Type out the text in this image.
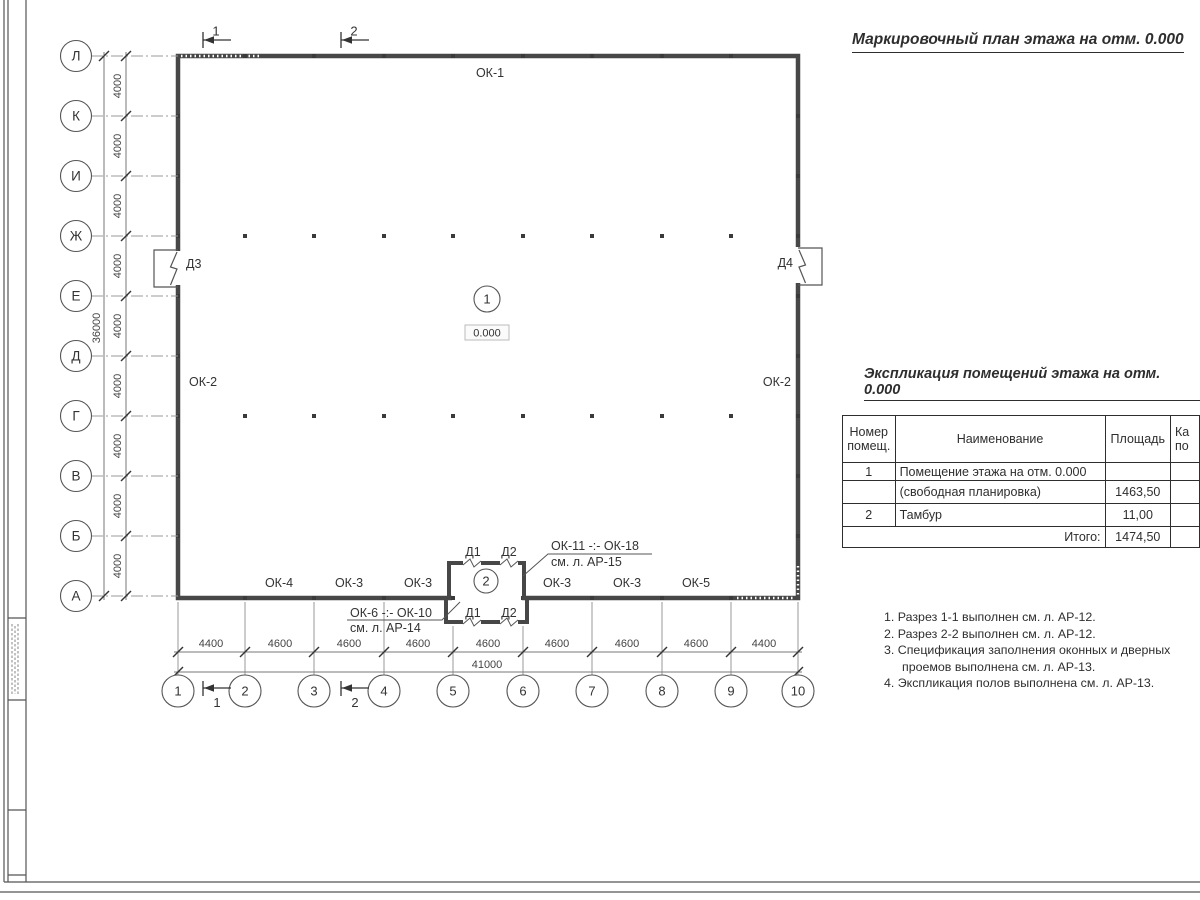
4000
4000
4000
4000
4000
4000
4000
4000
4000
36000
Л
К
И
Ж
Е
Д
Г
В
Б
А
4400	4600	4600	4600	4600	4600	4600	4600	4400
41000
1	2	3	4	5	6	7	8	9	10
1	2
1	2
Д3	Д4
Д1 Д2
Д1 Д2
1
0.000
2
ОК-1
ОК-2	ОК-2
ОК-4	ОК-3	ОК-3	ОК-3	ОК-3	ОК-5
ОК-11 -:- ОК-18
см. л. АР-15
ОК-6 -:- ОК-10
см. л. АР-14
Маркировочный план этажа на отм. 0.000
Экспликация помещений этажа на отм. 0.000
Номер
помещ.	Наименование	Площадь	Ка
по

1	Помещение этажа на отм. 0.000		
	(свободная планировка)	1463,50	
2	Тамбур	11,00	
Итого:		1474,50	
1. Разрез 1-1 выполнен см. л. АР-12.
2. Разрез 2-2 выполнен см. л. АР-12.
3. Спецификация заполнения оконных и дверных проемов выполнена см. л. АР-13.
4. Экспликация полов выполнена см. л. АР-13.
